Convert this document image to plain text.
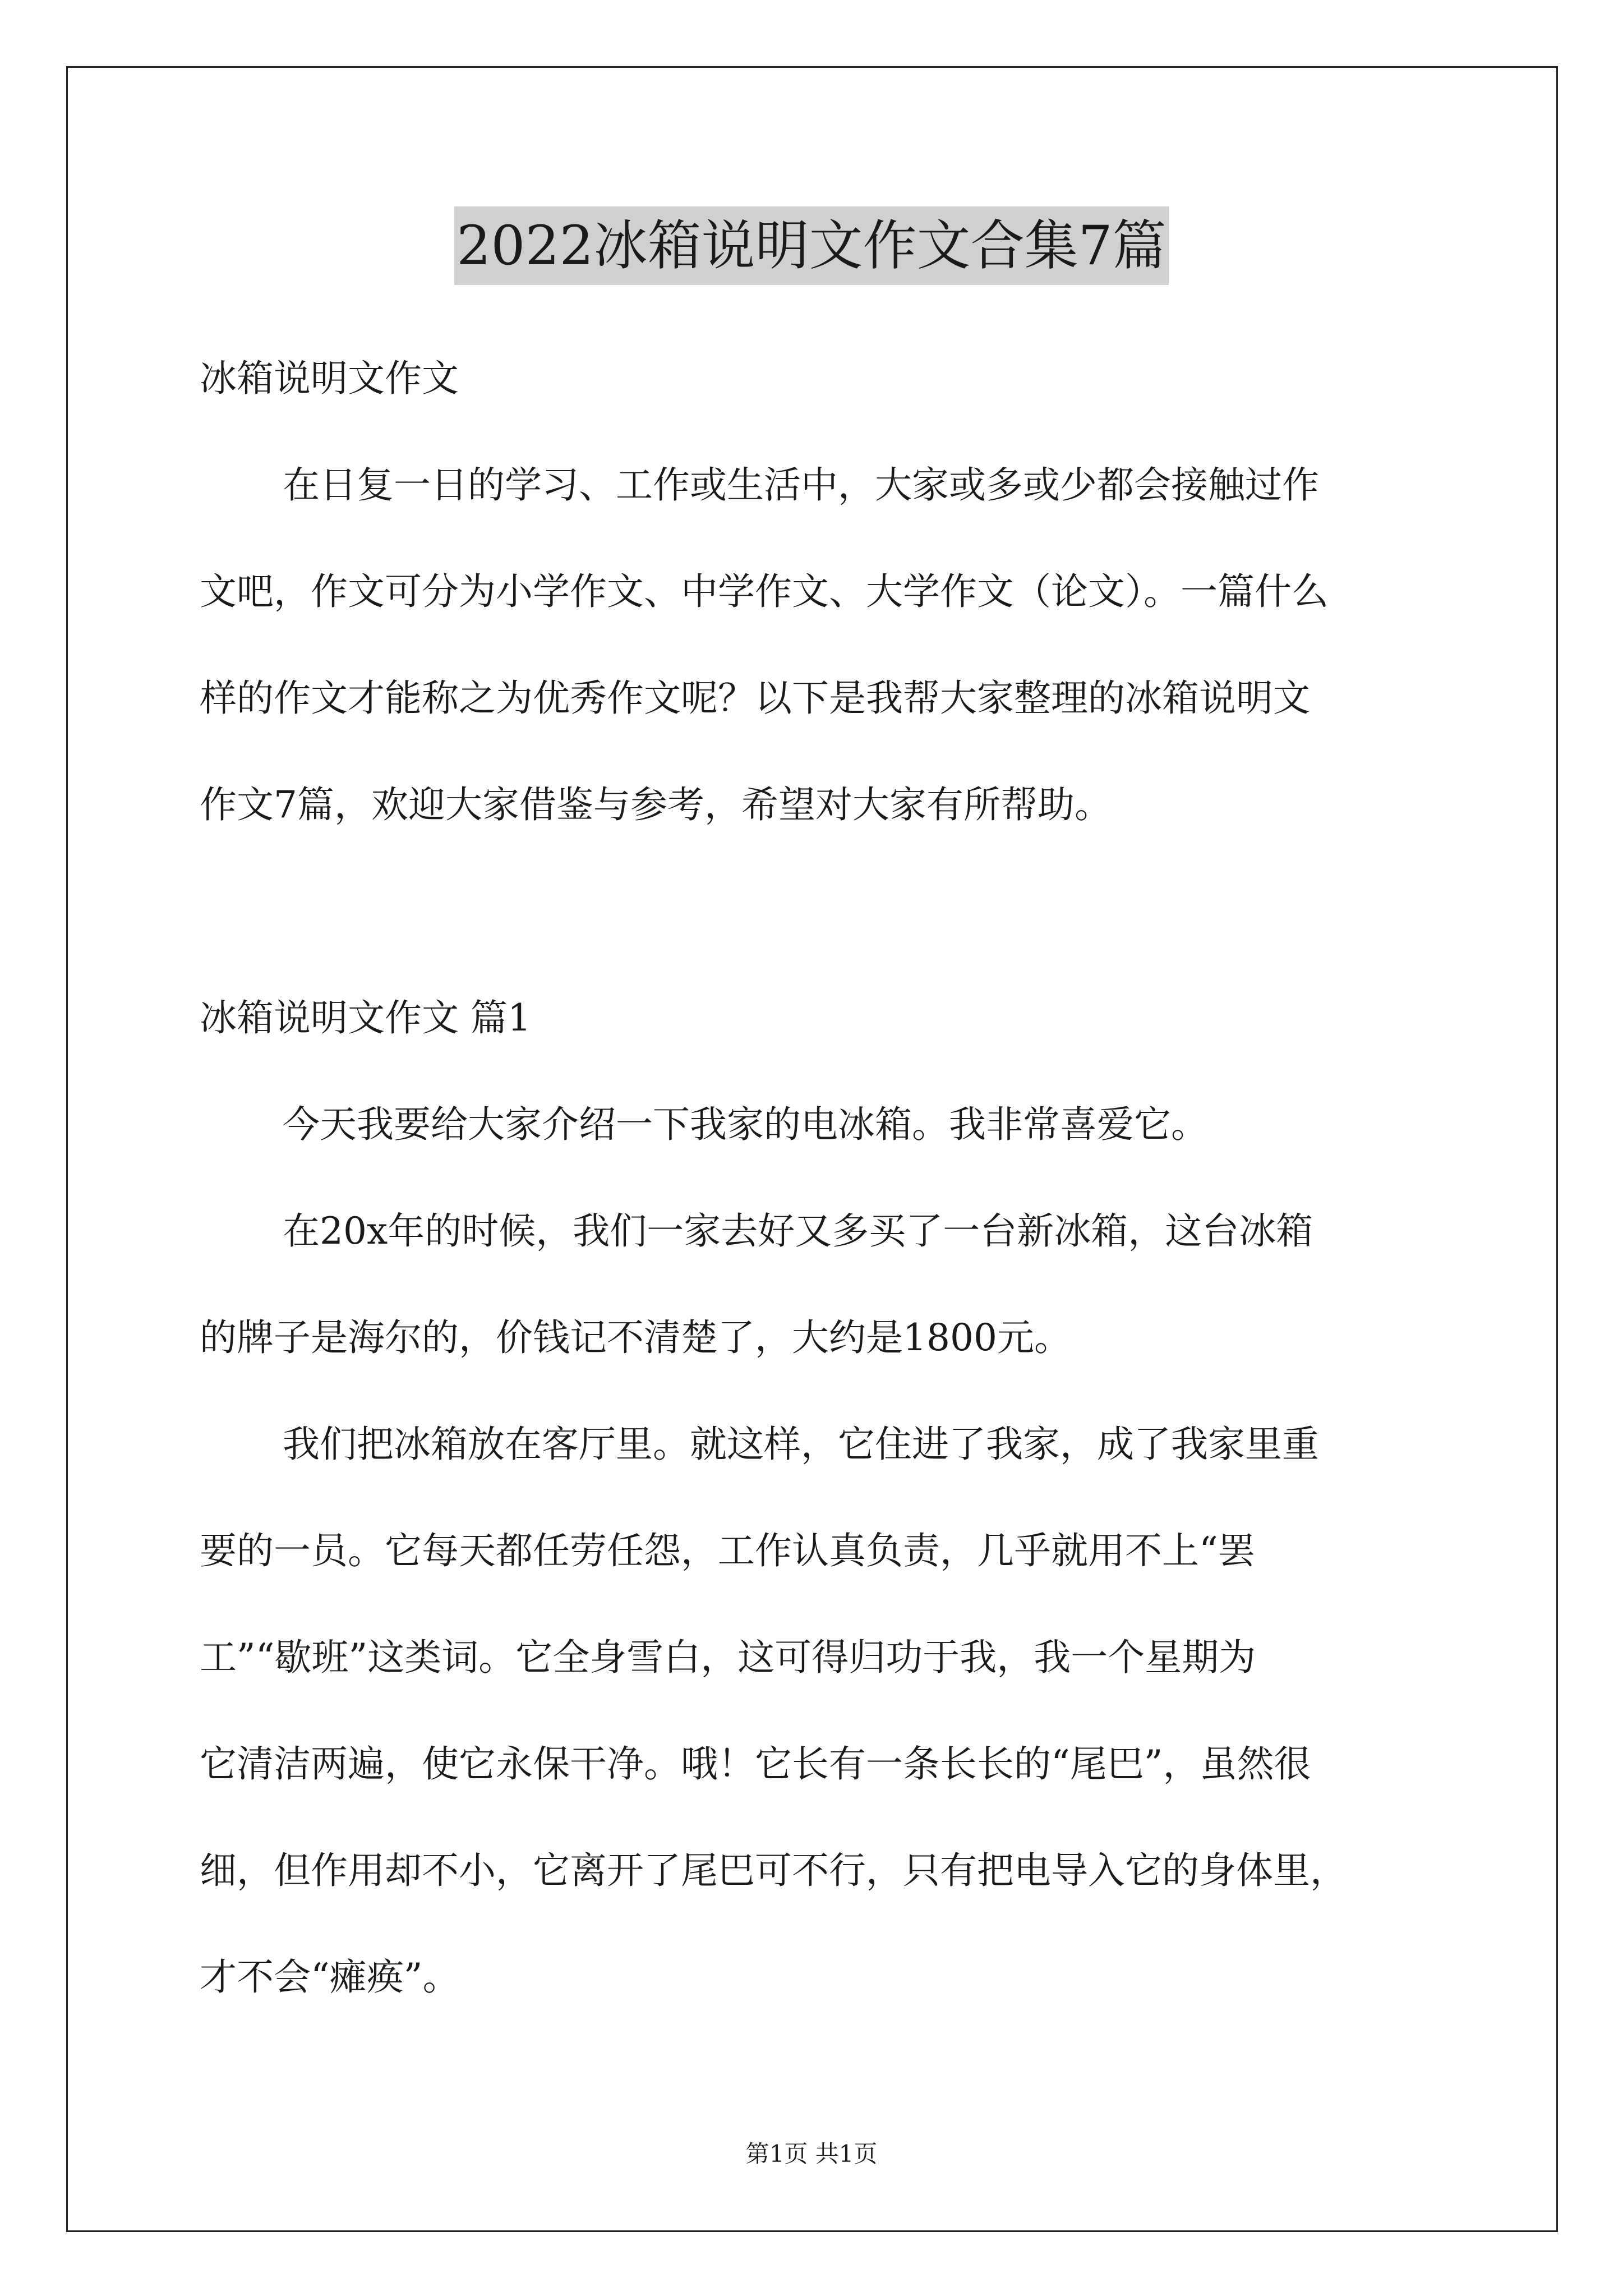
2022冰箱说明文作文合集7篇
冰箱说明文作文
在日复一日的学习、工作或生活中，大家或多或少都会接触过作
文吧，作文可分为小学作文、中学作文、大学作文（论文）。一篇什么
样的作文才能称之为优秀作文呢？以下是我帮大家整理的冰箱说明文
作文7篇，欢迎大家借鉴与参考，希望对大家有所帮助。
冰箱说明文作文 篇1
今天我要给大家介绍一下我家的电冰箱。我非常喜爱它。
在20x年的时候，我们一家去好又多买了一台新冰箱，这台冰箱
的牌子是海尔的，价钱记不清楚了，大约是1800元。
我们把冰箱放在客厅里。就这样，它住进了我家，成了我家里重
要的一员。它每天都任劳任怨，工作认真负责，几乎就用不上“罢
工”“歇班”这类词。它全身雪白，这可得归功于我，我一个星期为
它清洁两遍，使它永保干净。哦！它长有一条长长的“尾巴”，虽然很
细，但作用却不小，它离开了尾巴可不行，只有把电导入它的身体里，
才不会“瘫痪”。
第1页 共1页
